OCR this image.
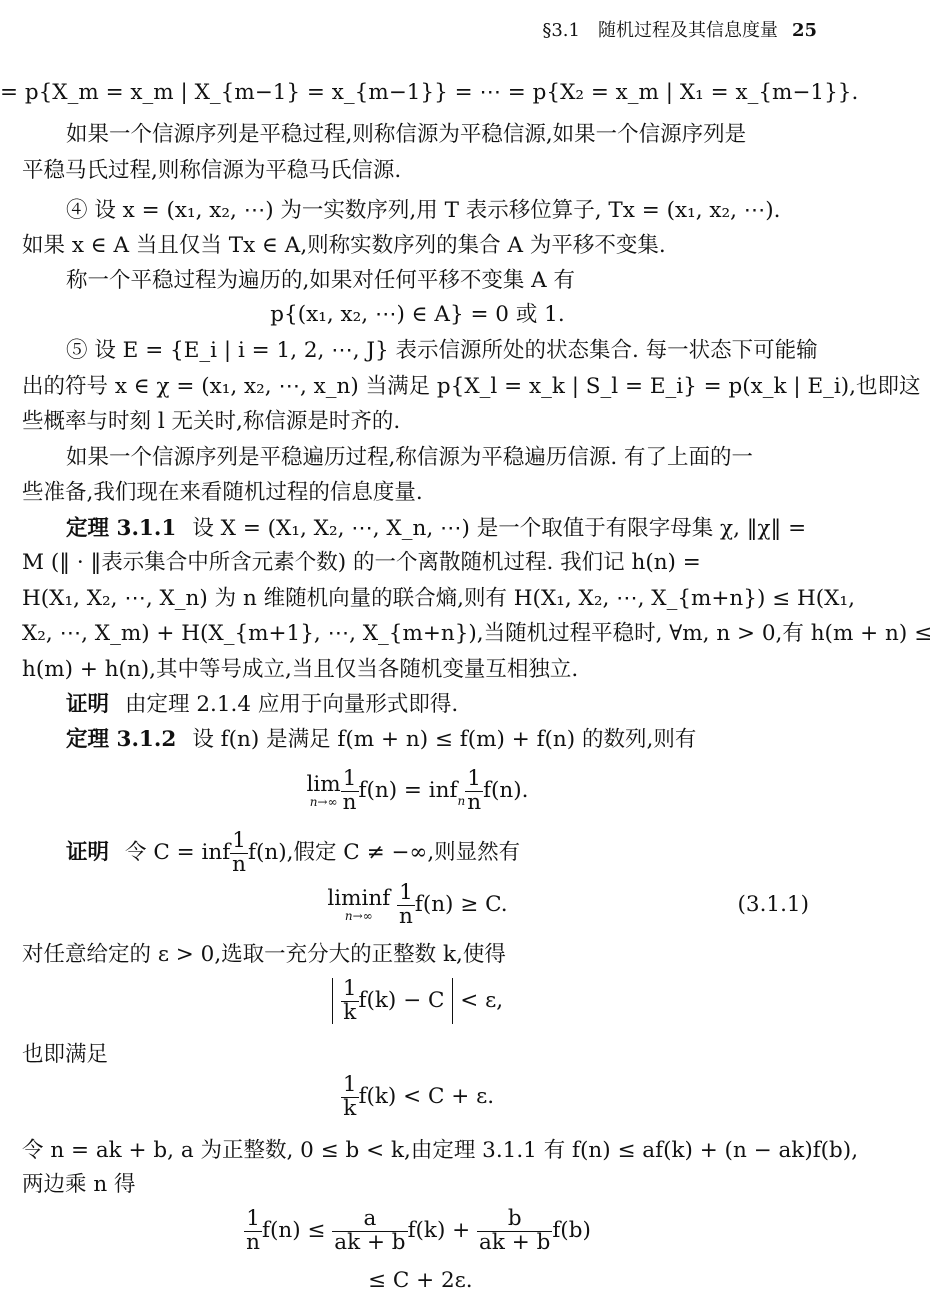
§3.1　随机过程及其信息度量 25
= p{X_m = x_m | X_{m−1} = x_{m−1}} = ⋯ = p{X₂ = x_m | X₁ = x_{m−1}}.
如果一个信源序列是平稳过程,则称信源为平稳信源,如果一个信源序列是
平稳马氏过程,则称信源为平稳马氏信源.
④ 设 x = (x₁, x₂, ⋯) 为一实数序列,用 T 表示移位算子, Tx = (x₁, x₂, ⋯).
如果 x ∈ A 当且仅当 Tx ∈ A,则称实数序列的集合 A 为平移不变集.
称一个平稳过程为遍历的,如果对任何平移不变集 A 有
p{(x₁, x₂, ⋯) ∈ A} = 0 或 1.
⑤ 设 E = {E_i | i = 1, 2, ⋯, J} 表示信源所处的状态集合. 每一状态下可能输
出的符号 x ∈ χ = (x₁, x₂, ⋯, x_n) 当满足 p{X_l = x_k | S_l = E_i} = p(x_k | E_i),也即这
些概率与时刻 l 无关时,称信源是时齐的.
如果一个信源序列是平稳遍历过程,称信源为平稳遍历信源. 有了上面的一
些准备,我们现在来看随机过程的信息度量.
定理 3.1.1 设 X = (X₁, X₂, ⋯, X_n, ⋯) 是一个取值于有限字母集 χ, ‖χ‖ =
M (‖ · ‖表示集合中所含元素个数) 的一个离散随机过程. 我们记 h(n) =
H(X₁, X₂, ⋯, X_n) 为 n 维随机向量的联合熵,则有 H(X₁, X₂, ⋯, X_{m+n}) ≤ H(X₁,
X₂, ⋯, X_m) + H(X_{m+1}, ⋯, X_{m+n}),当随机过程平稳时, ∀m, n > 0,有 h(m + n) ≤
h(m) + h(n),其中等号成立,当且仅当各随机变量互相独立.
证明 由定理 2.1.4 应用于向量形式即得.
定理 3.1.2 设 f(n) 是满足 f(m + n) ≤ f(m) + f(n) 的数列,则有
lim
$n\to\infty \frac{1}{n} f(n)$ = inf n $\frac{1}{n} f(n)$.
证明 令 C = inf $\frac{1}{n} f(n)$,假定 C ≠ −∞,则显然有
liminf
n→∞
	$\frac{1}{n} f(n) \ge C$.	(3.1.1)
对任意给定的 ε > 0,选取一充分大的正整数 k,使得
$\frac{1}{k} f(k) - C < \varepsilon$,
也即满足
$\frac{1}{k} f(k) < C + \varepsilon$.
令 n = ak + b, a 为正整数, 0 ≤ b < k,由定理 3.1.1 有 f(n) ≤ af(k) + (n − ak)f(b),
两边乘 n 得
$\frac{1}{n} f(n) \le \frac{a}{ak + b} f(k) + \frac{b}{ak + b} f(b)$
≤ C + 2ε.
